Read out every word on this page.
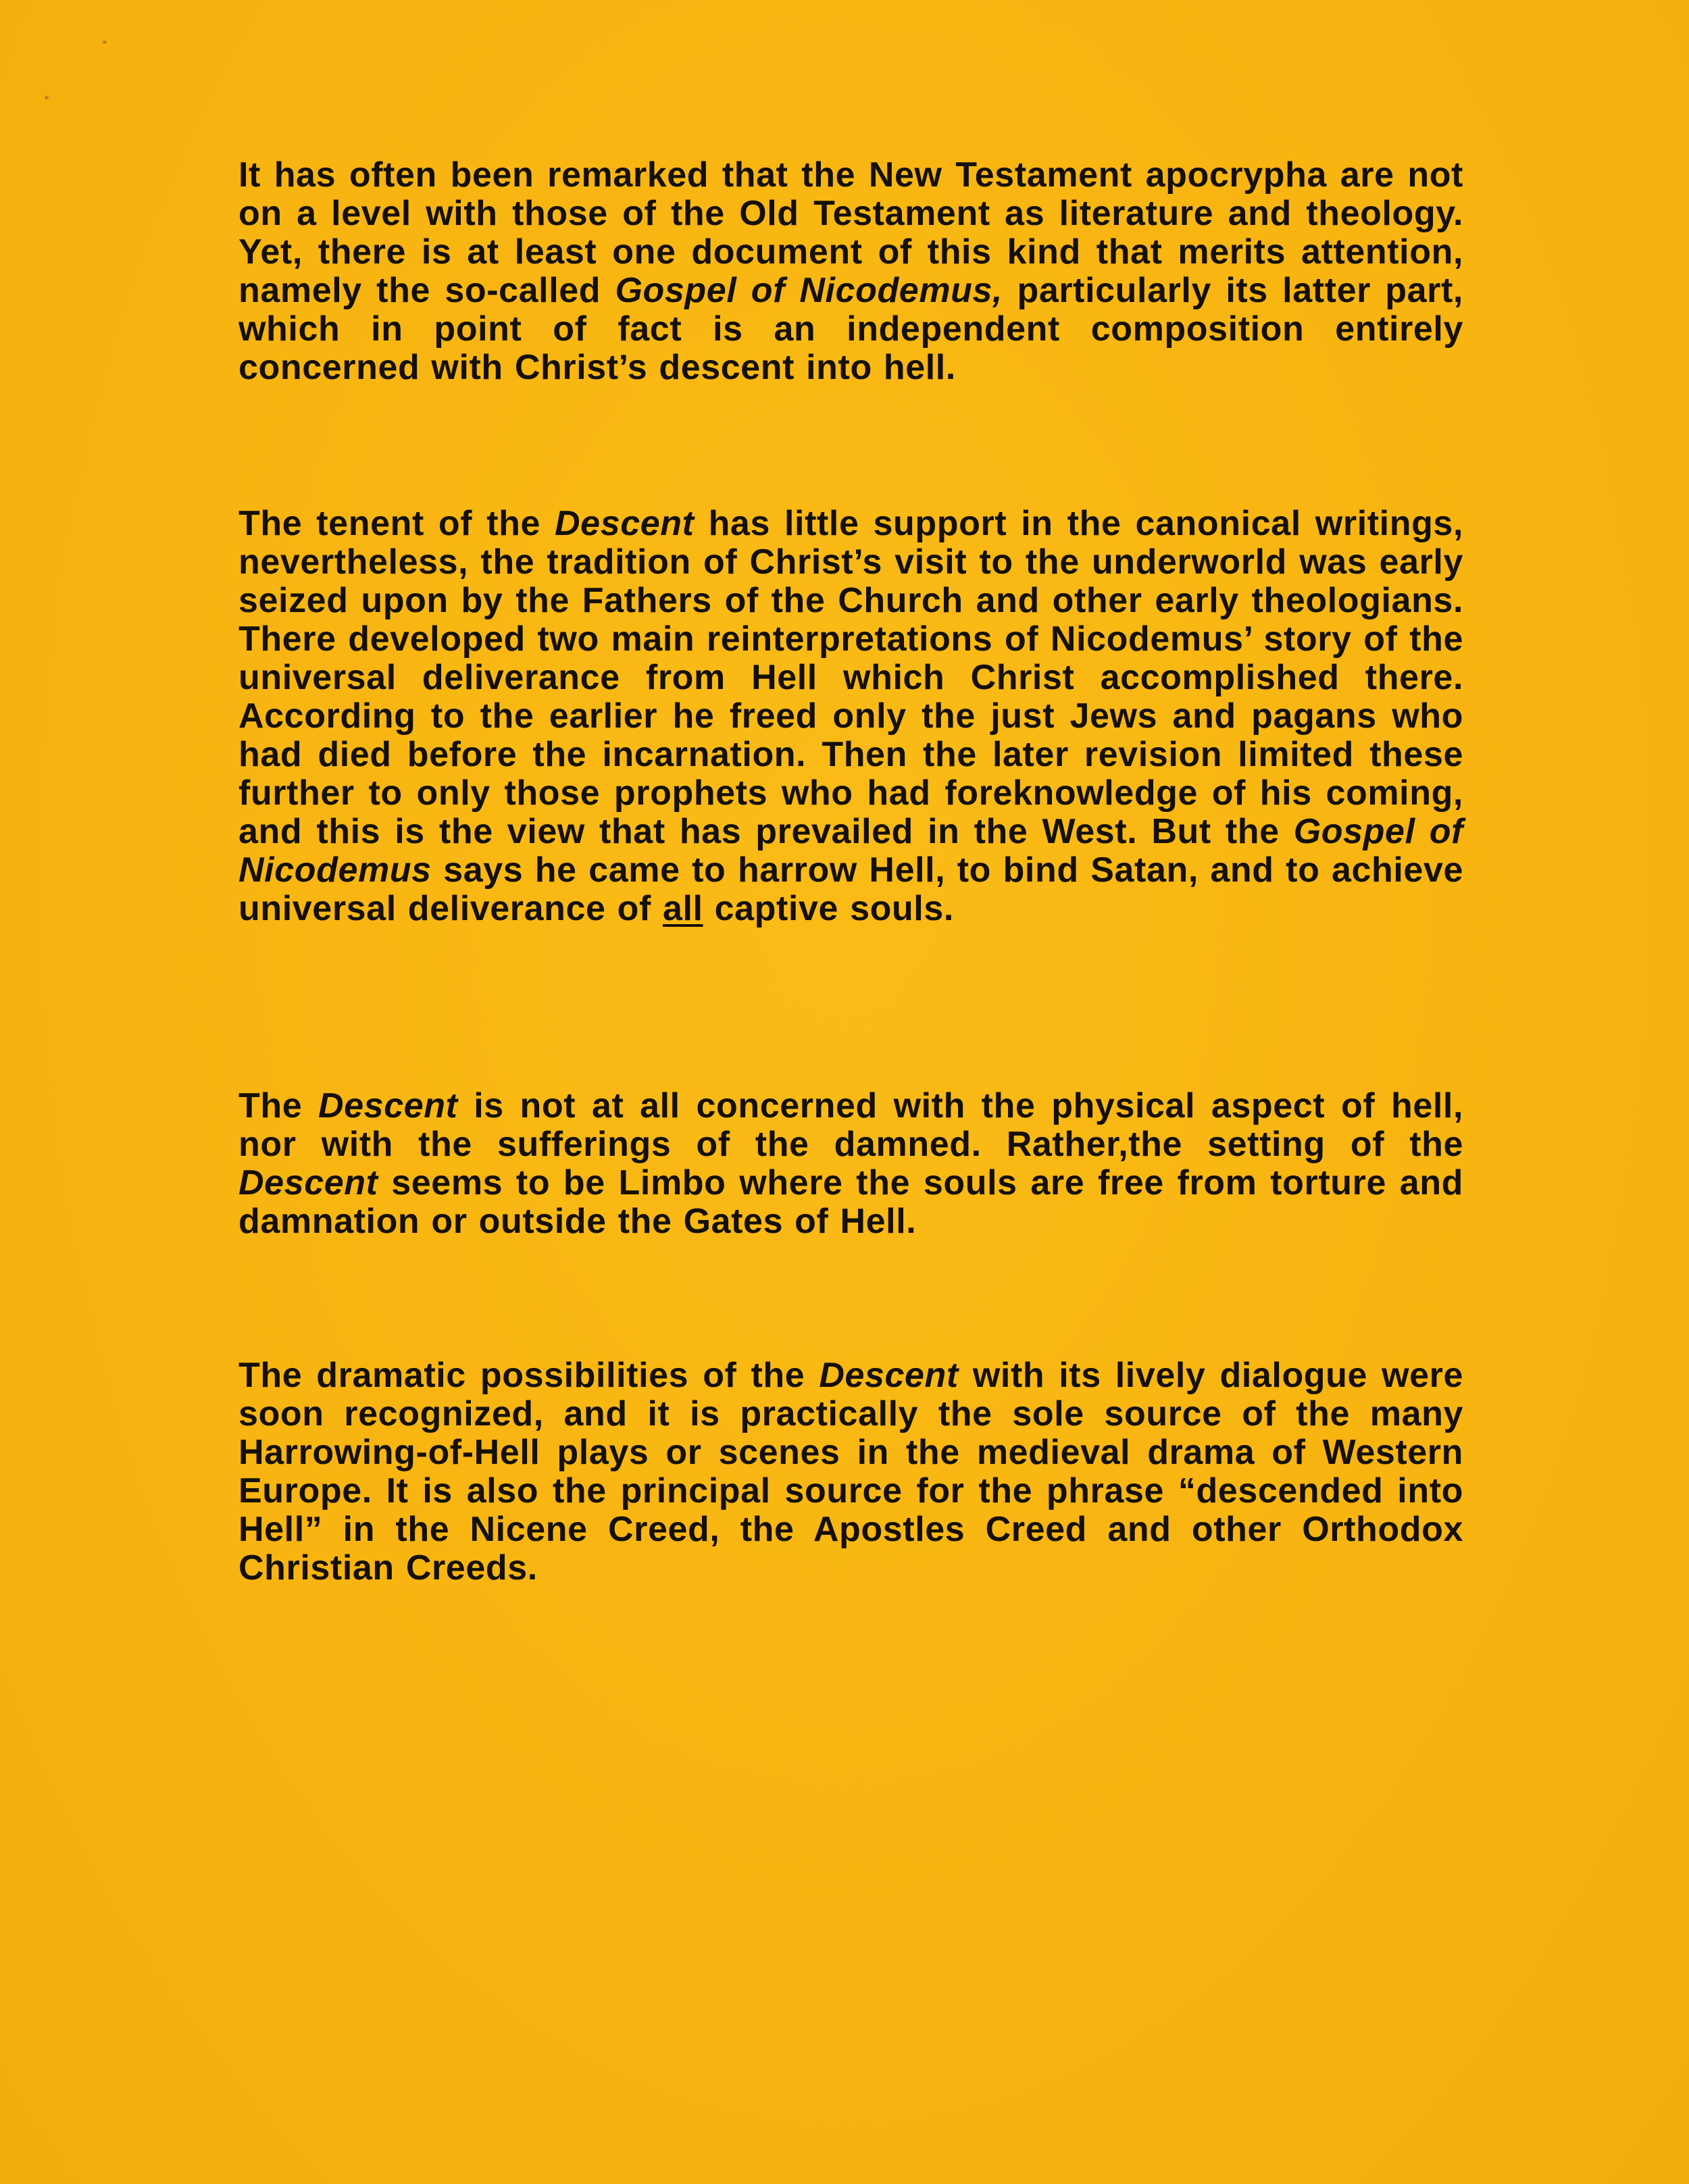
It has often been remarked that the New Testament apocrypha are not on a level with those of the Old Testament as literature and theology. Yet, there is at least one document of this kind that merits attention, namely the so-called Gospel of Nicodemus, particularly its latter part, which in point of fact is an independent composition entirely concerned with Christ’s descent into hell.

The tenent of the Descent has little support in the canonical writings, nevertheless, the tradition of Christ’s visit to the underworld was early seized upon by the Fathers of the Church and other early theologians. There developed two main reinterpretations of Nicodemus’ story of the universal deliverance from Hell which Christ accomplished there. According to the earlier he freed only the just Jews and pagans who had died before the incarnation. Then the later revision limited these further to only those prophets who had foreknowledge of his coming, and this is the view that has prevailed in the West. But the Gospel of Nicodemus says he came to harrow Hell, to bind Satan, and to achieve universal deliverance of all captive souls.

The Descent is not at all concerned with the physical aspect of hell, nor with the sufferings of the damned. Rather,the setting of the Descent seems to be Limbo where the souls are free from torture and damnation or outside the Gates of Hell.

The dramatic possibilities of the Descent with its lively dialogue were soon recognized, and it is practically the sole source of the many Harrowing-of-Hell plays or scenes in the medieval drama of Western Europe. It is also the principal source for the phrase “descended into Hell” in the Nicene Creed, the Apostles Creed and other Orthodox Christian Creeds.
